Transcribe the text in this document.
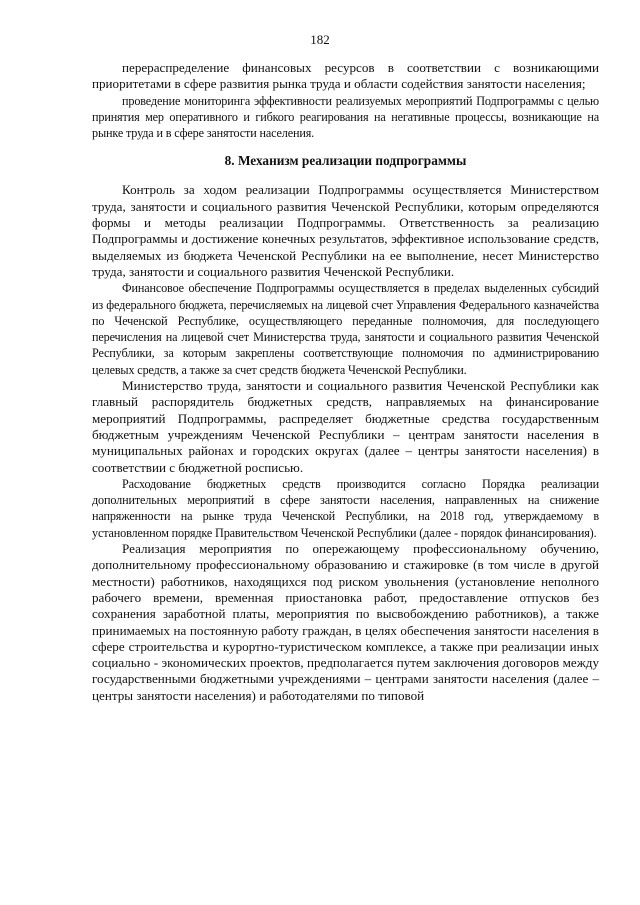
182

перераспределение финансовых ресурсов в соответствии с возникающими приоритетами в сфере развития рынка труда и области содействия занятости населения;

проведение мониторинга эффективности реализуемых мероприятий Подпрограммы с целью принятия мер оперативного и гибкого реагирования на негативные процессы, возникающие на рынке труда и в сфере занятости населения.

8. Механизм реализации подпрограммы

Контроль за ходом реализации Подпрограммы осуществляется Министерством труда, занятости и социального развития Чеченской Республики, которым определяются формы и методы реализации Подпрограммы. Ответственность за реализацию Подпрограммы и достижение конечных результатов, эффективное использование средств, выделяемых из бюджета Чеченской Республики на ее выполнение, несет Министерство труда, занятости и социального развития Чеченской Республики.

Финансовое обеспечение Подпрограммы осуществляется в пределах выделенных субсидий из федерального бюджета, перечисляемых на лицевой счет Управления Федерального казначейства по Чеченской Республике, осуществляющего переданные полномочия, для последующего перечисления на лицевой счет Министерства труда, занятости и социального развития Чеченской Республики, за которым закреплены соответствующие полномочия по администрированию целевых средств, а также за счет средств бюджета Чеченской Республики.

Министерство труда, занятости и социального развития Чеченской Республики как главный распорядитель бюджетных средств, направляемых на финансирование мероприятий Подпрограммы, распределяет бюджетные средства государственным бюджетным учреждениям Чеченской Республики – центрам занятости населения в муниципальных районах и городских округах (далее – центры занятости населения) в соответствии с бюджетной росписью.

Расходование бюджетных средств производится согласно Порядка реализации дополнительных мероприятий в сфере занятости населения, направленных на снижение напряженности на рынке труда Чеченской Республики, на 2018 год, утверждаемому в установленном порядке Правительством Чеченской Республики (далее - порядок финансирования).

Реализация мероприятия по опережающему профессиональному обучению, дополнительному профессиональному образованию и стажировке (в том числе в другой местности) работников, находящихся под риском увольнения (установление неполного рабочего времени, временная приостановка работ, предоставление отпусков без сохранения заработной платы, мероприятия по высвобождению работников), а также принимаемых на постоянную работу граждан, в целях обеспечения занятости населения в сфере строительства и курортно-туристическом комплексе, а также при реализации иных социально - экономических проектов, предполагается путем заключения договоров между государственными бюджетными учреждениями – центрами занятости населения (далее – центры занятости населения) и работодателями по типовой
